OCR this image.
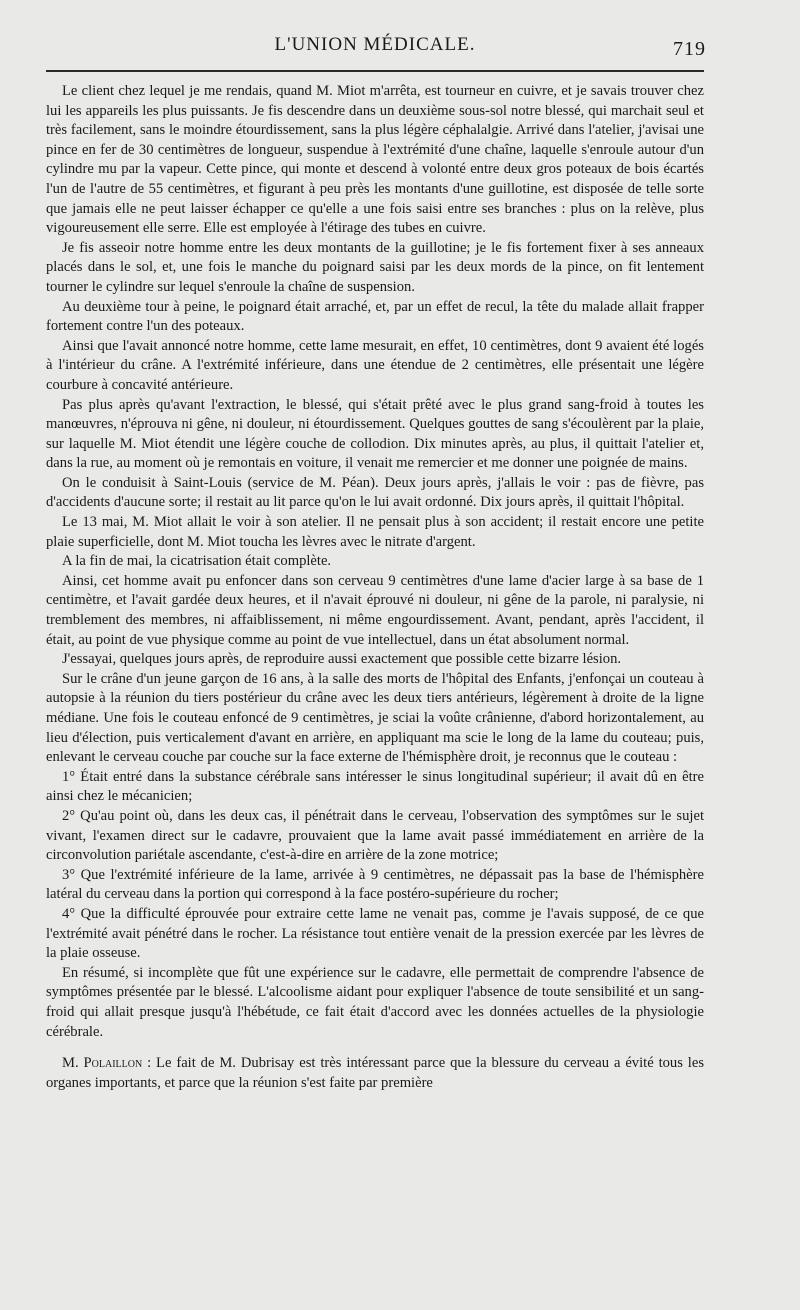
L'UNION MÉDICALE.	719

Le client chez lequel je me rendais, quand M. Miot m'arrêta, est tourneur en cuivre, et je savais trouver chez lui les appareils les plus puissants. Je fis descendre dans un deuxième sous-sol notre blessé, qui marchait seul et très facilement, sans le moindre étourdissement, sans la plus légère céphalalgie. Arrivé dans l'atelier, j'avisai une pince en fer de 30 centimètres de longueur, suspendue à l'extrémité d'une chaîne, laquelle s'enroule autour d'un cylindre mu par la vapeur. Cette pince, qui monte et descend à volonté entre deux gros poteaux de bois écartés l'un de l'autre de 55 centimètres, et figurant à peu près les montants d'une guillotine, est disposée de telle sorte que jamais elle ne peut laisser échapper ce qu'elle a une fois saisi entre ses branches : plus on la relève, plus vigoureusement elle serre. Elle est employée à l'étirage des tubes en cuivre.

Je fis asseoir notre homme entre les deux montants de la guillotine; je le fis fortement fixer à ses anneaux placés dans le sol, et, une fois le manche du poignard saisi par les deux mords de la pince, on fit lentement tourner le cylindre sur lequel s'enroule la chaîne de suspension.

Au deuxième tour à peine, le poignard était arraché, et, par un effet de recul, la tête du malade allait frapper fortement contre l'un des poteaux.

Ainsi que l'avait annoncé notre homme, cette lame mesurait, en effet, 10 centimètres, dont 9 avaient été logés à l'intérieur du crâne. A l'extrémité inférieure, dans une étendue de 2 centimètres, elle présentait une légère courbure à concavité antérieure.

Pas plus après qu'avant l'extraction, le blessé, qui s'était prêté avec le plus grand sang-froid à toutes les manœuvres, n'éprouva ni gêne, ni douleur, ni étourdissement. Quelques gouttes de sang s'écoulèrent par la plaie, sur laquelle M. Miot étendit une légère couche de collodion. Dix minutes après, au plus, il quittait l'atelier et, dans la rue, au moment où je remontais en voiture, il venait me remercier et me donner une poignée de mains.

On le conduisit à Saint-Louis (service de M. Péan). Deux jours après, j'allais le voir : pas de fièvre, pas d'accidents d'aucune sorte; il restait au lit parce qu'on le lui avait ordonné. Dix jours après, il quittait l'hôpital.

Le 13 mai, M. Miot allait le voir à son atelier. Il ne pensait plus à son accident; il restait encore une petite plaie superficielle, dont M. Miot toucha les lèvres avec le nitrate d'argent.

A la fin de mai, la cicatrisation était complète.

Ainsi, cet homme avait pu enfoncer dans son cerveau 9 centimètres d'une lame d'acier large à sa base de 1 centimètre, et l'avait gardée deux heures, et il n'avait éprouvé ni douleur, ni gêne de la parole, ni paralysie, ni tremblement des membres, ni affaiblissement, ni même engourdissement. Avant, pendant, après l'accident, il était, au point de vue physique comme au point de vue intellectuel, dans un état absolument normal.

J'essayai, quelques jours après, de reproduire aussi exactement que possible cette bizarre lésion.

Sur le crâne d'un jeune garçon de 16 ans, à la salle des morts de l'hôpital des Enfants, j'enfonçai un couteau à autopsie à la réunion du tiers postérieur du crâne avec les deux tiers antérieurs, légèrement à droite de la ligne médiane. Une fois le couteau enfoncé de 9 centimètres, je sciai la voûte crânienne, d'abord horizontalement, au lieu d'élection, puis verticalement d'avant en arrière, en appliquant ma scie le long de la lame du couteau; puis, enlevant le cerveau couche par couche sur la face externe de l'hémisphère droit, je reconnus que le couteau :

1° Était entré dans la substance cérébrale sans intéresser le sinus longitudinal supérieur; il avait dû en être ainsi chez le mécanicien;

2° Qu'au point où, dans les deux cas, il pénétrait dans le cerveau, l'observation des symptômes sur le sujet vivant, l'examen direct sur le cadavre, prouvaient que la lame avait passé immédiatement en arrière de la circonvolution pariétale ascendante, c'est-à-dire en arrière de la zone motrice;

3° Que l'extrémité inférieure de la lame, arrivée à 9 centimètres, ne dépassait pas la base de l'hémisphère latéral du cerveau dans la portion qui correspond à la face postéro-supérieure du rocher;

4° Que la difficulté éprouvée pour extraire cette lame ne venait pas, comme je l'avais supposé, de ce que l'extrémité avait pénétré dans le rocher. La résistance tout entière venait de la pression exercée par les lèvres de la plaie osseuse.

En résumé, si incomplète que fût une expérience sur le cadavre, elle permettait de comprendre l'absence de symptômes présentée par le blessé. L'alcoolisme aidant pour expliquer l'absence de toute sensibilité et un sang-froid qui allait presque jusqu'à l'hébétude, ce fait était d'accord avec les données actuelles de la physiologie cérébrale.

M. Polaillon : Le fait de M. Dubrisay est très intéressant parce que la blessure du cerveau a évité tous les organes importants, et parce que la réunion s'est faite par première
